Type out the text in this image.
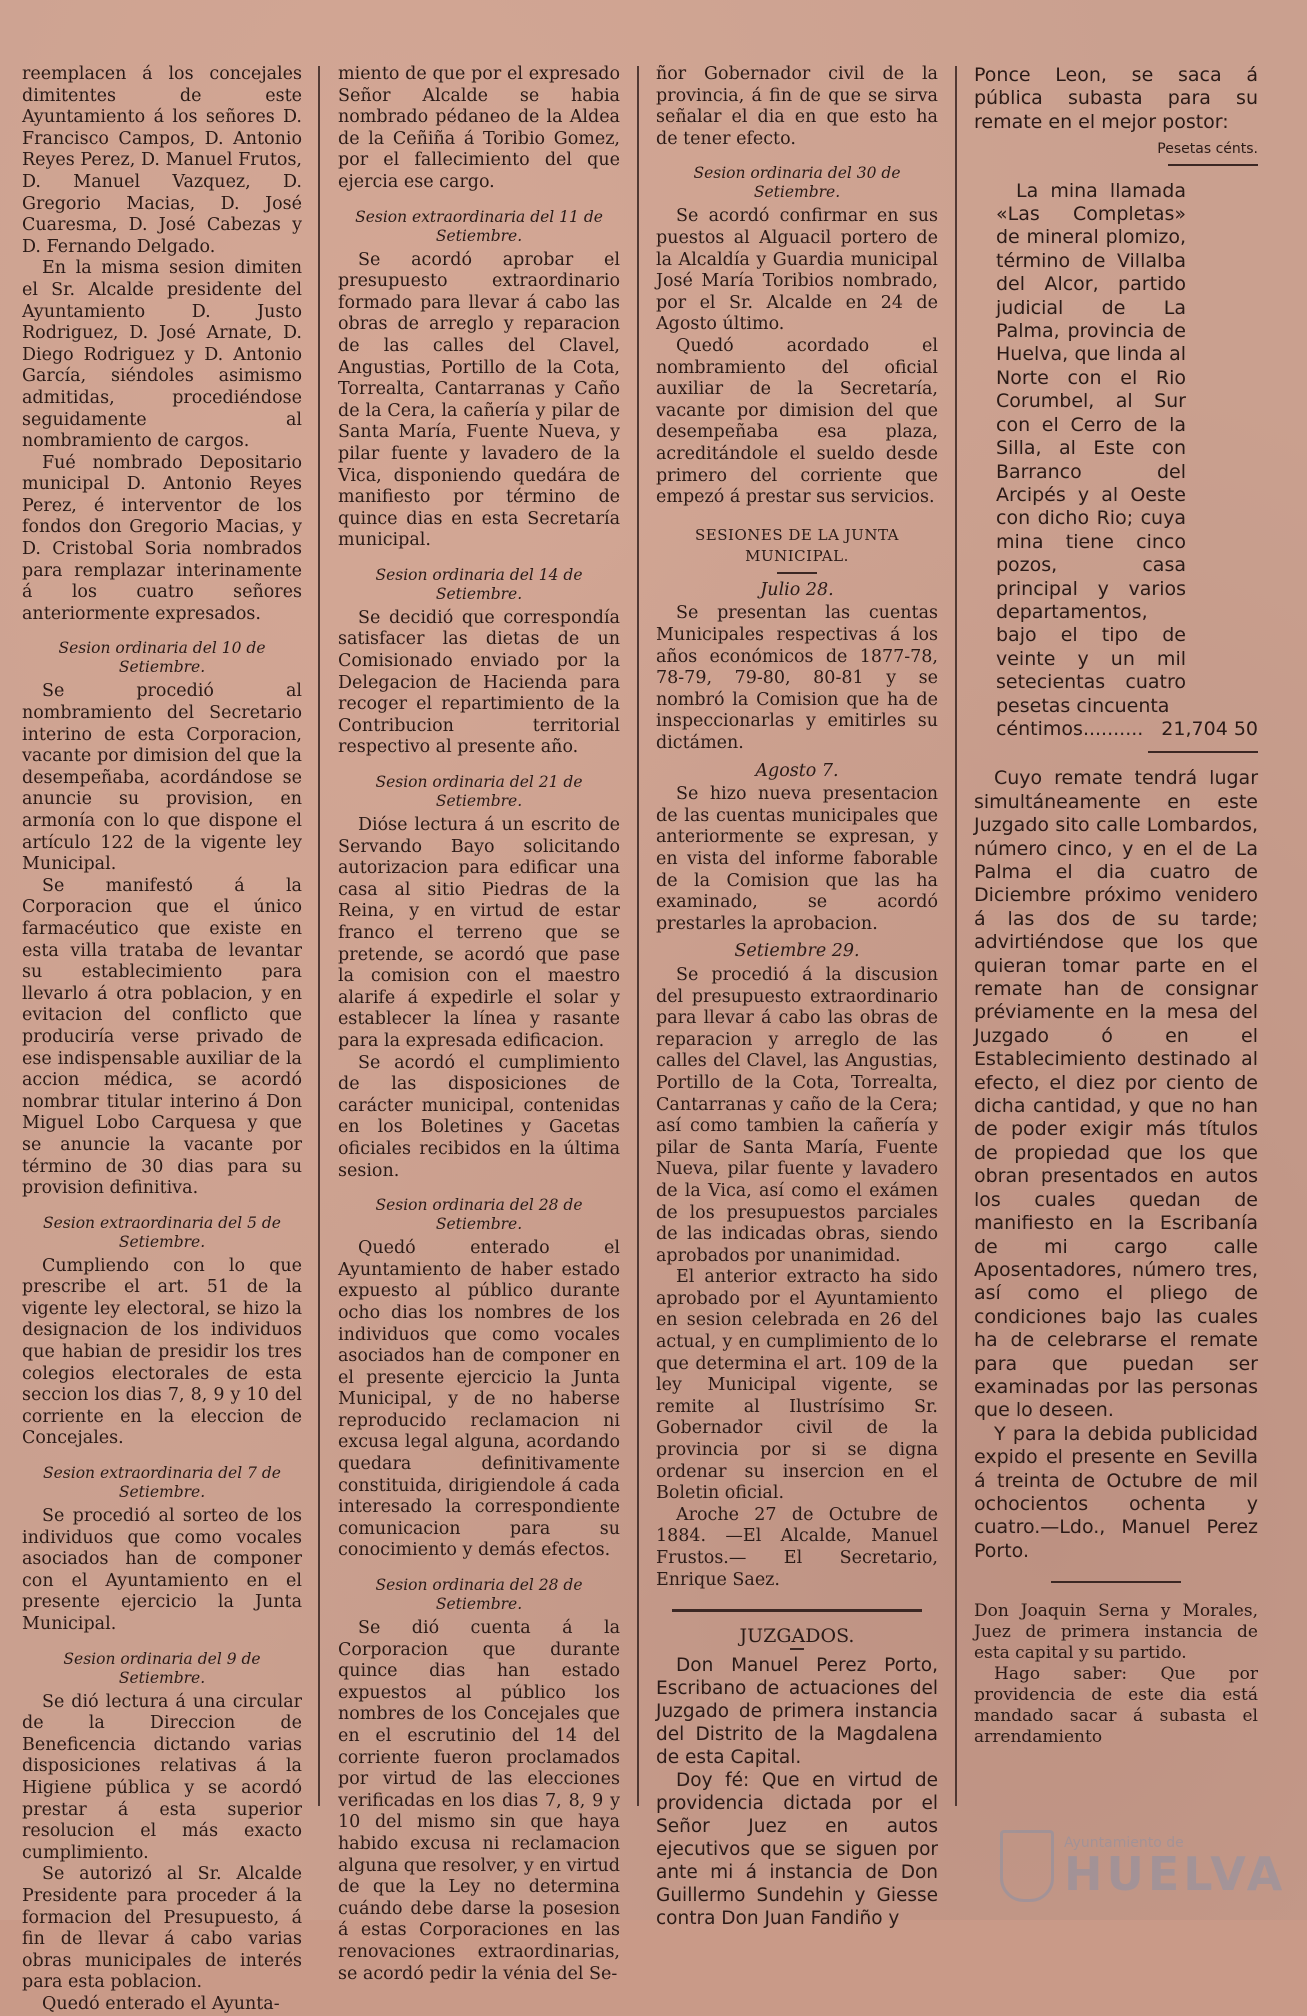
reemplacen á los concejales dimitentes de este Ayuntamiento á los señores D. Francisco Campos, D. Antonio Reyes Perez, D. Manuel Frutos, D. Manuel Vazquez, D. Gregorio Macias, D. José Cuaresma, D. José Cabezas y D. Fernando Delgado.

En la misma sesion dimiten el Sr. Alcalde presidente del Ayuntamiento D. Justo Rodriguez, D. José Arnate, D. Diego Rodriguez y D. Antonio García, siéndoles asimismo admitidas, procediéndose seguidamente al nombramiento de cargos.

Fué nombrado Depositario municipal D. Antonio Reyes Perez, é interventor de los fondos don Gregorio Macias, y D. Cristobal Soria nombrados para remplazar interinamente á los cuatro señores anteriormente expresados.

Sesion ordinaria del 10 de Setiembre.

Se procedió al nombramiento del Secretario interino de esta Corporacion, vacante por dimision del que la desempeñaba, acordándose se anuncie su provision, en armonía con lo que dispone el artículo 122 de la vigente ley Municipal.

Se manifestó á la Corporacion que el único farmacéutico que existe en esta villa trataba de levantar su establecimiento para llevarlo á otra poblacion, y en evitacion del conflicto que produciría verse privado de ese indispensable auxiliar de la accion médica, se acordó nombrar titular interino á Don Miguel Lobo Carquesa y que se anuncie la vacante por término de 30 dias para su provision definitiva.

Sesion extraordinaria del 5 de Setiembre.

Cumpliendo con lo que prescribe el art. 51 de la vigente ley electoral, se hizo la designacion de los individuos que habian de presidir los tres colegios electorales de esta seccion los dias 7, 8, 9 y 10 del corriente en la eleccion de Concejales.

Sesion extraordinaria del 7 de Setiembre.

Se procedió al sorteo de los individuos que como vocales asociados han de componer con el Ayuntamiento en el presente ejercicio la Junta Municipal.

Sesion ordinaria del 9 de Setiembre.

Se dió lectura á una circular de la Direccion de Beneficencia dictando varias disposiciones relativas á la Higiene pública y se acordó prestar á esta superior resolucion el más exacto cumplimiento.

Se autorizó al Sr. Alcalde Presidente para proceder á la formacion del Presupuesto, á fin de llevar á cabo varias obras municipales de interés para esta poblacion.

Quedó enterado el Ayunta-

miento de que por el expresado Señor Alcalde se habia nombrado pédaneo de la Aldea de la Ceñiña á Toribio Gomez, por el fallecimiento del que ejercia ese cargo.

Sesion extraordinaria del 11 de Setiembre.

Se acordó aprobar el presupuesto extraordinario formado para llevar á cabo las obras de arreglo y reparacion de las calles del Clavel, Angustias, Portillo de la Cota, Torrealta, Cantarranas y Caño de la Cera, la cañería y pilar de Santa María, Fuente Nueva, y pilar fuente y lavadero de la Vica, disponiendo quedára de manifiesto por término de quince dias en esta Secretaría municipal.

Sesion ordinaria del 14 de Setiembre.

Se decidió que correspondía satisfacer las dietas de un Comisionado enviado por la Delegacion de Hacienda para recoger el repartimiento de la Contribucion territorial respectivo al presente año.

Sesion ordinaria del 21 de Setiembre.

Dióse lectura á un escrito de Servando Bayo solicitando autorizacion para edificar una casa al sitio Piedras de la Reina, y en virtud de estar franco el terreno que se pretende, se acordó que pase la comision con el maestro alarife á expedirle el solar y establecer la línea y rasante para la expresada edificacion.

Se acordó el cumplimiento de las disposiciones de carácter municipal, contenidas en los Boletines y Gacetas oficiales recibidos en la última sesion.

Sesion ordinaria del 28 de Setiembre.

Quedó enterado el Ayuntamiento de haber estado expuesto al público durante ocho dias los nombres de los individuos que como vocales asociados han de componer en el presente ejercicio la Junta Municipal, y de no haberse reproducido reclamacion ni excusa legal alguna, acordando quedara definitivamente constituida, dirigiendole á cada interesado la correspondiente comunicacion para su conocimiento y demás efectos.

Sesion ordinaria del 28 de Setiembre.

Se dió cuenta á la Corporacion que durante quince dias han estado expuestos al público los nombres de los Concejales que en el escrutinio del 14 del corriente fueron proclamados por virtud de las elecciones verificadas en los dias 7, 8, 9 y 10 del mismo sin que haya habido excusa ni reclamacion alguna que resolver, y en virtud de que la Ley no determina cuándo debe darse la posesion á estas Corporaciones en las renovaciones extraordinarias, se acordó pedir la vénia del Se-

ñor Gobernador civil de la provincia, á fin de que se sirva señalar el dia en que esto ha de tener efecto.

Sesion ordinaria del 30 de Setiembre.

Se acordó confirmar en sus puestos al Alguacil portero de la Alcaldía y Guardia municipal José María Toribios nombrado, por el Sr. Alcalde en 24 de Agosto último.

Quedó acordado el nombramiento del oficial auxiliar de la Secretaría, vacante por dimision del que desempeñaba esa plaza, acreditándole el sueldo desde primero del corriente que empezó á prestar sus servicios.

SESIONES DE LA JUNTA MUNICIPAL.
Julio 28.

Se presentan las cuentas Municipales respectivas á los años económicos de 1877-78, 78-79, 79-80, 80-81 y se nombró la Comision que ha de inspeccionarlas y emitirles su dictámen.

Agosto 7.

Se hizo nueva presentacion de las cuentas municipales que anteriormente se expresan, y en vista del informe faborable de la Comision que las ha examinado, se acordó prestarles la aprobacion.

Setiembre 29.

Se procedió á la discusion del presupuesto extraordinario para llevar á cabo las obras de reparacion y arreglo de las calles del Clavel, las Angustias, Portillo de la Cota, Torrealta, Cantarranas y caño de la Cera; así como tambien la cañería y pilar de Santa María, Fuente Nueva, pilar fuente y lavadero de la Vica, así como el exámen de los presupuestos parciales de las indicadas obras, siendo aprobados por unanimidad.

El anterior extracto ha sido aprobado por el Ayuntamiento en sesion celebrada en 26 del actual, y en cumplimiento de lo que determina el art. 109 de la ley Municipal vigente, se remite al Ilustrísimo Sr. Gobernador civil de la provincia por si se digna ordenar su insercion en el Boletin oficial.

Aroche 27 de Octubre de 1884. —El Alcalde, Manuel Frustos.— El Secretario, Enrique Saez.

JUZGADOS.

Don Manuel Perez Porto, Escribano de actuaciones del Juzgado de primera instancia del Distrito de la Magdalena de esta Capital.

Doy fé: Que en virtud de providencia dictada por el Señor Juez en autos ejecutivos que se siguen por ante mi á instancia de Don Guillermo Sundehin y Giesse contra Don Juan Fandiño y

Ponce Leon, se saca á pública subasta para su remate en el mejor postor:

Pesetas cénts.

La mina llamada «Las Completas» de mineral plomizo, término de Villalba del Alcor, partido judicial de La Palma, provincia de Huelva, que linda al Norte con el Rio Corumbel, al Sur con el Cerro de la Silla, al Este con Barranco del Arcipés y al Oeste con dicho Rio; cuya mina tiene cinco pozos, casa principal y varios departamentos, bajo el tipo de veinte y un mil setecientas cuatro pesetas cincuenta

céntimos.......... 21,704 50

Cuyo remate tendrá lugar simultáneamente en este Juzgado sito calle Lombardos, número cinco, y en el de La Palma el dia cuatro de Diciembre próximo venidero á las dos de su tarde; advirtiéndose que los que quieran tomar parte en el remate han de consignar préviamente en la mesa del Juzgado ó en el Establecimiento destinado al efecto, el diez por ciento de dicha cantidad, y que no han de poder exigir más títulos de propiedad que los que obran presentados en autos los cuales quedan de manifiesto en la Escribanía de mi cargo calle Aposentadores, número tres, así como el pliego de condiciones bajo las cuales ha de celebrarse el remate para que puedan ser examinadas por las personas que lo deseen.

Y para la debida publicidad expido el presente en Sevilla á treinta de Octubre de mil ochocientos ochenta y cuatro.—Ldo., Manuel Perez Porto.

Don Joaquin Serna y Morales, Juez de primera instancia de esta capital y su partido.

Hago saber: Que por providencia de este dia está mandado sacar á subasta el arrendamiento

Ayuntamiento de
HUELVA
